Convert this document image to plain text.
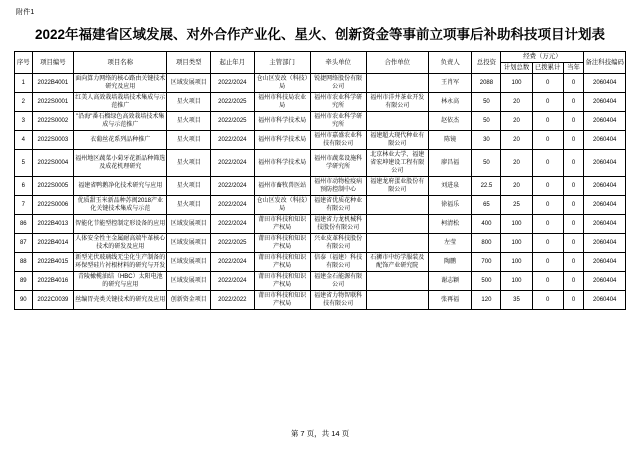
附件1
2022年福建省区域发展、对外合作产业化、星火、创新资金等事前立项事后补助科技项目计划表
序号	项目编号	项目名称	项目类型	起止年月	主管部门	牵头单位	合作单位	负责人	总投资	经费（万元）			备注科技编码
										计划总数	已拨累计	当年	
1	2022B4001	面向算力网络的核心路由关键技术研究及应用	区域发展项目	2022/2024	仓山区发改（科技）局	锐捷网络股份有限公司		王肖军	2088	100	0	0	2060404
2	2022S0001	红美人高效栽培栽培技术集成与示范推广	星火项目	2022/2025	福州市科技局农业局	福州市农业科学研究所	福州市洋井茶业开发有限公司	林永高	50	20	0	0	2060404
3	2022S0002	"沿海"番石榴绿色高效栽培技术集成与示范推广	星火项目	2022/2025	福州市科学技术局	福州市农业科学研究所		赵依杰	50	20	0	0	2060404
4	2022S0003	衣葡丝花系列品种推广	星火项目	2022/2024	福州市科学技术局	福州市嘉盛农业科技有限公司	福建超大现代种业有限公司	陈镜	30	20	0	0	2060404
5	2022S0004	福州地区蔬菜小菊牙花新品种筛选及成花机理研究	星火项目	2022/2024	福州市科学技术局	福州市蔬菜设施科学研究所	北京林业大学、福建省宏坤建设工程有限公司	廖昌福	50	20	0	0	2060404
6	2022S0005	福建省鸭鹅净化技术研究与应用	星火项目	2022/2024	福州市畜牧兽医站	福州市动物检疫病预防控制中心	福建龙府蛋业股份有限公司	刘进泉	22.5	20	0	0	2060404
7	2022S0006	优质甜玉米新品种苏闽2018产业化关键技术集成与示范	星火项目	2022/2024	仓山区发改（科技）局	福建省优质花种业有限公司		徐福乐	65	25	0	0	2060404
86	2022B4013	智能化节能型控制定形设备的应用	区域发展项目	2022/2024	莆田市科技和知识产权局	福建省力龙机械科技股份有限公司		柯清松	400	100	0	0	2060404
87	2022B4014	人体安全性主金属耐高端牛革核心技术的研发及应用	区域发展项目	2022/2025	莆田市科技和知识产权局	兴业皮革科技股份有限公司		左莹	800	100	0	0	2060404
88	2022B4015	新型光伏玻璃线无尘化生产制备的环保型硅片衬根材料的研究与开发	区域发展项目	2022/2024	莆田市科技和知识产权局	信泰（福建）科技有限公司	石狮市中纺学服装及配饰产业研究院	陶鹏	700	100	0	0	2060404
89	2022B4016	青陵橄榄油结（HBC）太阳电池的研究与应用	区域发展项目	2022/2024	莆田市科技和知识产权局	福建金石能源有限公司		谢志颖	500	100	0	0	2060404
90	2022C0039	丝编胃壳类关键技术的研究及应用	创新资金项目	2022/2022	莆田市科技和知识产权局	福建省力物智联科技有限公司		张再福	120	35	0	0	2060404
第 7 页，共 14 页
